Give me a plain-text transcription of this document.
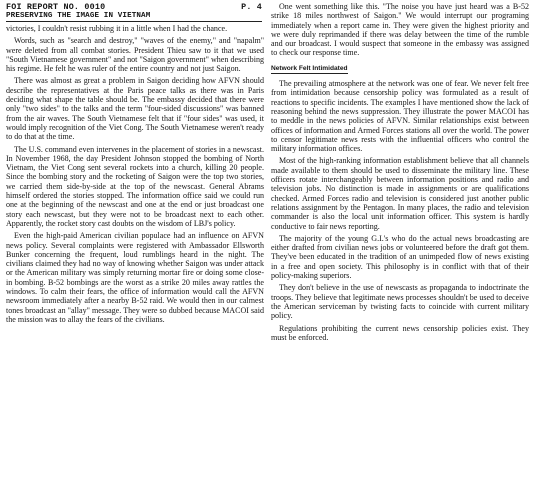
FOI REPORT NO. 0010	P. 4
PRESERVING THE IMAGE IN VIETNAM

victories, I couldn't resist rubbing it in a little when I had the chance.

Words, such as "search and destroy," "waves of the enemy," and "napalm" were deleted from all combat stories. President Thieu saw to it that we used "South Vietnamese government" and not "Saigon government" when describing his regime. He felt he was ruler of the entire country and not just Saigon.

There was almost as great a problem in Saigon deciding how AFVN should describe the representatives at the Paris peace talks as there was in Paris deciding what shape the table should be. The embassy decided that there were only "two sides" to the talks and the term "four-sided discussions" was banned from the air waves. The South Vietnamese felt that if "four sides" was used, it would imply recognition of the Viet Cong. The South Vietnamese weren't ready to do that at the time.

The U.S. command even intervenes in the placement of stories in a newscast. In November 1968, the day President Johnson stopped the bombing of North Vietnam, the Viet Cong sent several rockets into a church, killing 20 people. Since the bombing story and the rocketing of Saigon were the top two stories, we carried them side-by-side at the top of the newscast. General Abrams himself ordered the stories stopped. The information office said we could run one at the beginning of the newscast and one at the end or just broadcast one story each newscast, but they were not to be broadcast next to each other. Apparently, the rocket story cast doubts on the wisdom of LBJ's policy.

Even the high-paid American civilian populace had an influence on AFVN news policy. Several complaints were registered with Ambassador Ellsworth Bunker concerning the frequent, loud rumblings heard in the night. The civilians claimed they had no way of knowing whether Saigon was under attack or the American military was simply returning mortar fire or doing some close-in bombing. B-52 bombings are the worst as a strike 20 miles away rattles the windows. To calm their fears, the office of information would call the AFVN newsroom immediately after a nearby B-52 raid. We would then in our calmest tones broadcast an "allay" message. They were so dubbed because MACOI said the mission was to allay the fears of the civilians.

One went something like this. "The noise you have just heard was a B-52 strike 18 miles northwest of Saigon." We would interrupt our programing immediately when a report came in. They were given the highest priority and we were duly reprimanded if there was delay between the time of the rumble and our broadcast. I would suspect that someone in the embassy was assigned to check our response time.

Network Felt Intimidated

The prevailing atmosphere at the network was one of fear. We never felt free from intimidation because censorship policy was formulated as a result of reactions to specific incidents. The examples I have mentioned show the lack of reasoning behind the news suppression. They illustrate the power MACOI has to meddle in the news policies of AFVN. Similar relationships exist between offices of information and Armed Forces stations all over the world. The power to censor legitimate news rests with the influential officers who control the military information offices.

Most of the high-ranking information establishment believe that all channels made available to them should be used to disseminate the military line. These officers rotate interchangeably between information positions and radio and television jobs. No distinction is made in assignments or are qualifications checked. Armed Forces radio and television is considered just another public relations assignment by the Pentagon. In many places, the radio and television commander is also the local unit information officer. This system is hardly conductive to fair news reporting.

The majority of the young G.I.'s who do the actual news broadcasting are either drafted from civilian news jobs or volunteered before the draft got them. They've been educated in the tradition of an unimpeded flow of news existing in a free and open society. This philosophy is in conflict with that of their policy-making superiors.

They don't believe in the use of newscasts as propaganda to indoctrinate the troops. They believe that legitimate news processes shouldn't be used to deceive the American serviceman by twisting facts to coincide with current military policy.

Regulations prohibiting the current news censorship policies exist. They must be enforced.
